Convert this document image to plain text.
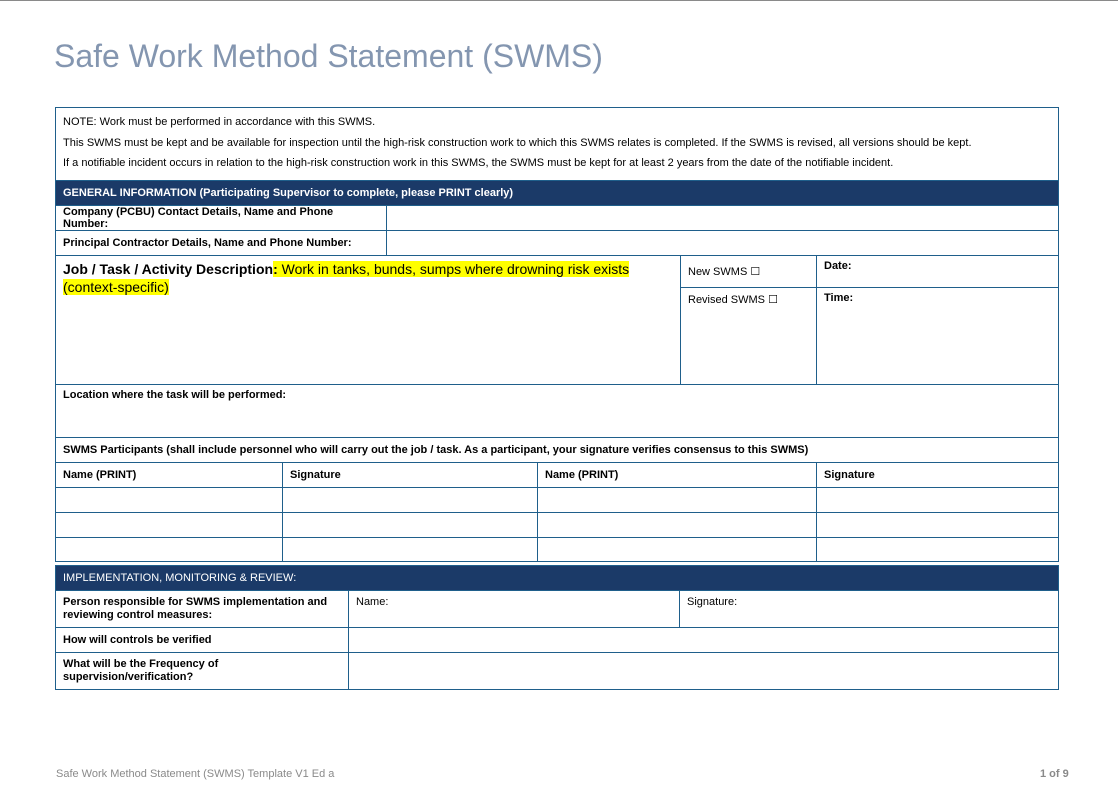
Safe Work Method Statement (SWMS)
NOTE: Work must be performed in accordance with this SWMS.
This SWMS must be kept and be available for inspection until the high-risk construction work to which this SWMS relates is completed. If the SWMS is revised, all versions should be kept.
If a notifiable incident occurs in relation to the high-risk construction work in this SWMS, the SWMS must be kept for at least 2 years from the date of the notifiable incident.					

GENERAL INFORMATION (Participating Supervisor to complete, please PRINT clearly)					
Company (PCBU) Contact Details, Name and Phone Number:					
Principal Contractor Details, Name and Phone Number:					
Job / Task / Activity Description: Work in tanks, bunds, sumps where drowning risk exists (context-specific)				New SWMS ☐	Date:
				Revised SWMS ☐	Time:
Location where the task will be performed:					
SWMS Participants (shall include personnel who will carry out the job / task. As a participant, your signature verifies consensus to this SWMS)					
Name (PRINT)	Signature		Name (PRINT)		Signature

IMPLEMENTATION, MONITORING & REVIEW:		
Person responsible for SWMS implementation and reviewing control measures:	Name:	Signature:
How will controls be verified		
What will be the Frequency of supervision/verification?		
Safe Work Method Statement (SWMS) Template V1 Ed a	1 of 9
